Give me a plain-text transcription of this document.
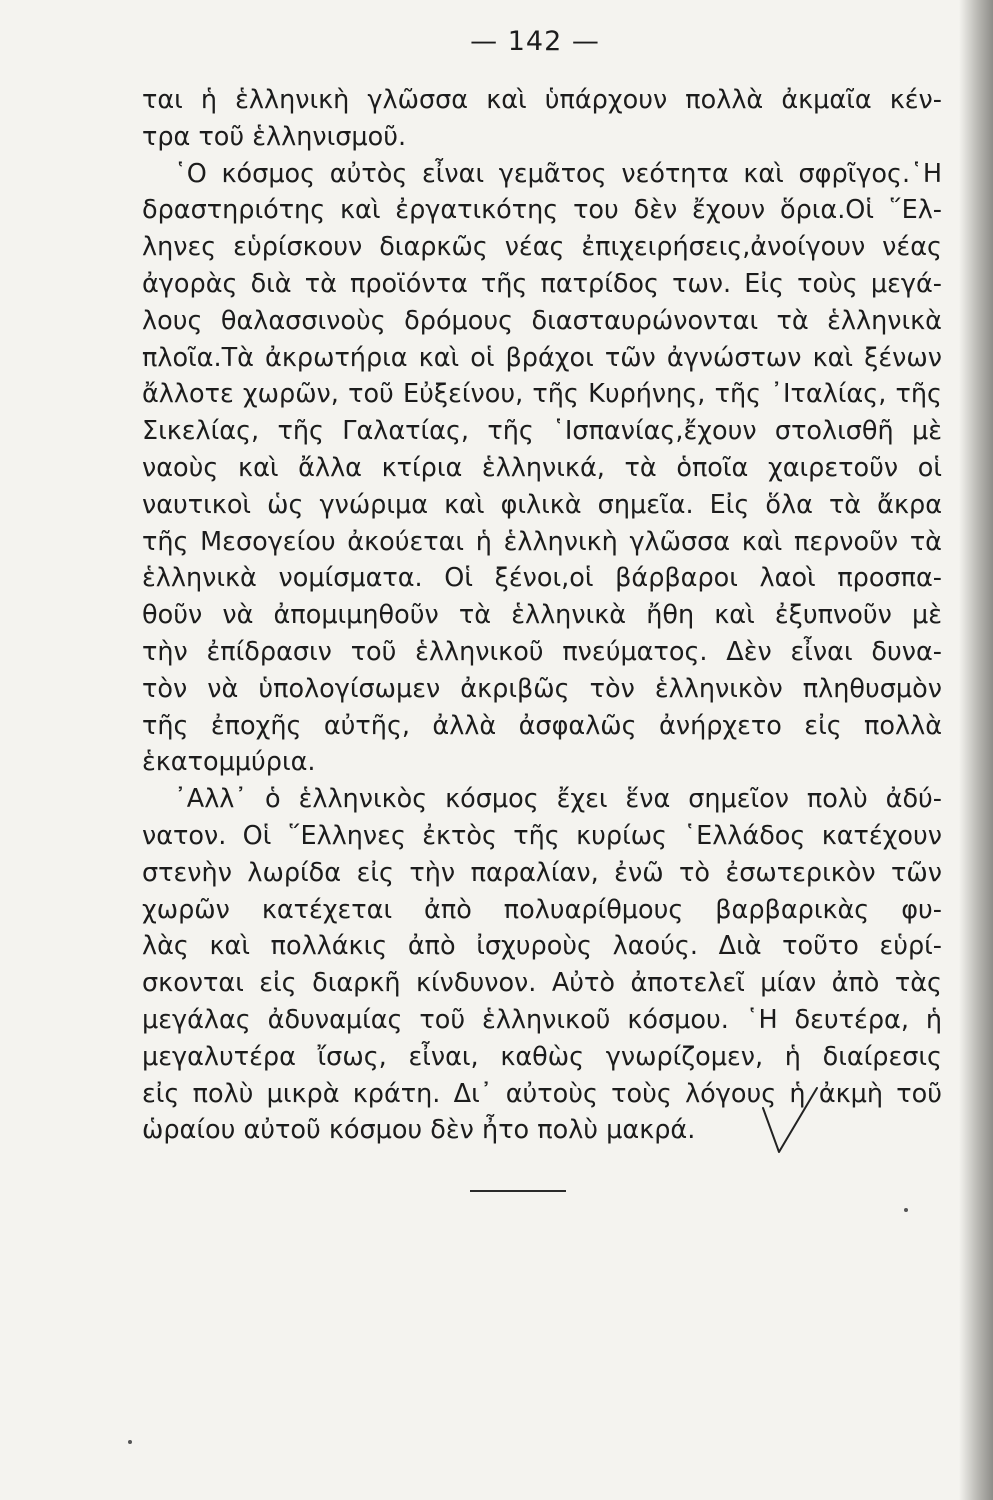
— 142 —
ται ἡ ἑλληνικὴ γλῶσσα καὶ ὑπάρχουν πολλὰ ἀκμαῖα κέν-
τρα τοῦ ἑλληνισμοῦ.
῾Ο κόσμος αὐτὸς εἶναι γεμᾶτος νεότητα καὶ σφρῖγος.῾Η
δραστηριότης καὶ ἐργατικότης του δὲν ἔχουν ὅρια.Οἱ ῞Ελ-
ληνες εὑρίσκουν διαρκῶς νέας ἐπιχειρήσεις,ἀνοίγουν νέας
ἀγορὰς διὰ τὰ προϊόντα τῆς πατρίδος των. Εἰς τοὺς μεγά-
λους θαλασσινοὺς δρόμους διασταυρώνονται τὰ ἑλληνικὰ
πλοῖα.Τὰ ἀκρωτήρια καὶ οἱ βράχοι τῶν ἀγνώστων καὶ ξένων
ἄλλοτε χωρῶν, τοῦ Εὐξείνου, τῆς Κυρήνης, τῆς ᾿Ιταλίας, τῆς
Σικελίας, τῆς Γαλατίας, τῆς ῾Ισπανίας,ἔχουν στολισθῆ μὲ
ναοὺς καὶ ἄλλα κτίρια ἑλληνικά, τὰ ὁποῖα χαιρετοῦν οἱ
ναυτικοὶ ὡς γνώριμα καὶ φιλικὰ σημεῖα. Εἰς ὅλα τὰ ἄκρα
τῆς Μεσογείου ἀκούεται ἡ ἑλληνικὴ γλῶσσα καὶ περνοῦν τὰ
ἑλληνικὰ νομίσματα. Οἱ ξένοι,οἱ βάρβαροι λαοὶ προσπα-
θοῦν νὰ ἀπομιμηθοῦν τὰ ἑλληνικὰ ἤθη καὶ ἐξυπνοῦν μὲ
τὴν ἐπίδρασιν τοῦ ἑλληνικοῦ πνεύματος. Δὲν εἶναι δυνα-
τὸν νὰ ὑπολογίσωμεν ἀκριβῶς τὸν ἑλληνικὸν πληθυσμὸν
τῆς ἐποχῆς αὐτῆς, ἀλλὰ ἀσφαλῶς ἀνήρχετο εἰς πολλὰ
ἑκατομμύρια.
᾿Αλλ᾿ ὁ ἑλληνικὸς κόσμος ἔχει ἕνα σημεῖον πολὺ ἀδύ-
νατον. Οἱ ῞Ελληνες ἐκτὸς τῆς κυρίως ῾Ελλάδος κατέχουν
στενὴν λωρίδα εἰς τὴν παραλίαν, ἐνῶ τὸ ἐσωτερικὸν τῶν
χωρῶν κατέχεται ἀπὸ πολυαρίθμους βαρβαρικὰς φυ-
λὰς καὶ πολλάκις ἀπὸ ἰσχυροὺς λαούς. Διὰ τοῦτο εὑρί-
σκονται εἰς διαρκῆ κίνδυνον. Αὐτὸ ἀποτελεῖ μίαν ἀπὸ τὰς
μεγάλας ἀδυναμίας τοῦ ἑλληνικοῦ κόσμου. ῾Η δευτέρα, ἡ
μεγαλυτέρα ἴσως, εἶναι, καθὼς γνωρίζομεν, ἡ διαίρεσις
εἰς πολὺ μικρὰ κράτη. Δι᾿ αὐτοὺς τοὺς λόγους ἡ ἀκμὴ τοῦ
ὡραίου αὐτοῦ κόσμου δὲν ἦτο πολὺ μακρά.
